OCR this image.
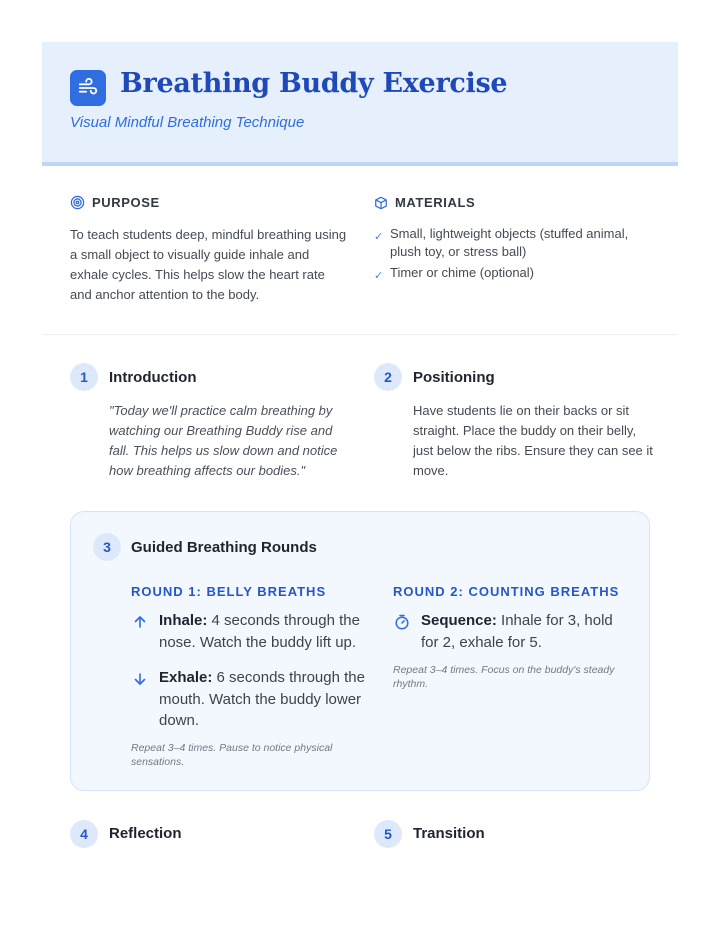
Breathing Buddy Exercise
Visual Mindful Breathing Technique
PURPOSE
To teach students deep, mindful breathing using a small object to visually guide inhale and exhale cycles. This helps slow the heart rate and anchor attention to the body.
MATERIALS
✓ Small, lightweight objects (stuffed animal, plush toy, or stress ball)
✓ Timer or chime (optional)
1	Introduction
"Today we'll practice calm breathing by watching our Breathing Buddy rise and fall. This helps us slow down and notice how breathing affects our bodies."
2	Positioning
Have students lie on their backs or sit straight. Place the buddy on their belly, just below the ribs. Ensure they can see it move.
3	Guided Breathing Rounds
ROUND 1: BELLY BREATHS
Inhale: 4 seconds through the nose. Watch the buddy lift up.
Exhale: 6 seconds through the mouth. Watch the buddy lower down.
Repeat 3–4 times. Pause to notice physical sensations.
ROUND 2: COUNTING BREATHS
Sequence: Inhale for 3, hold for 2, exhale for 5.
Repeat 3–4 times. Focus on the buddy's steady rhythm.
4	Reflection	5	Transition
